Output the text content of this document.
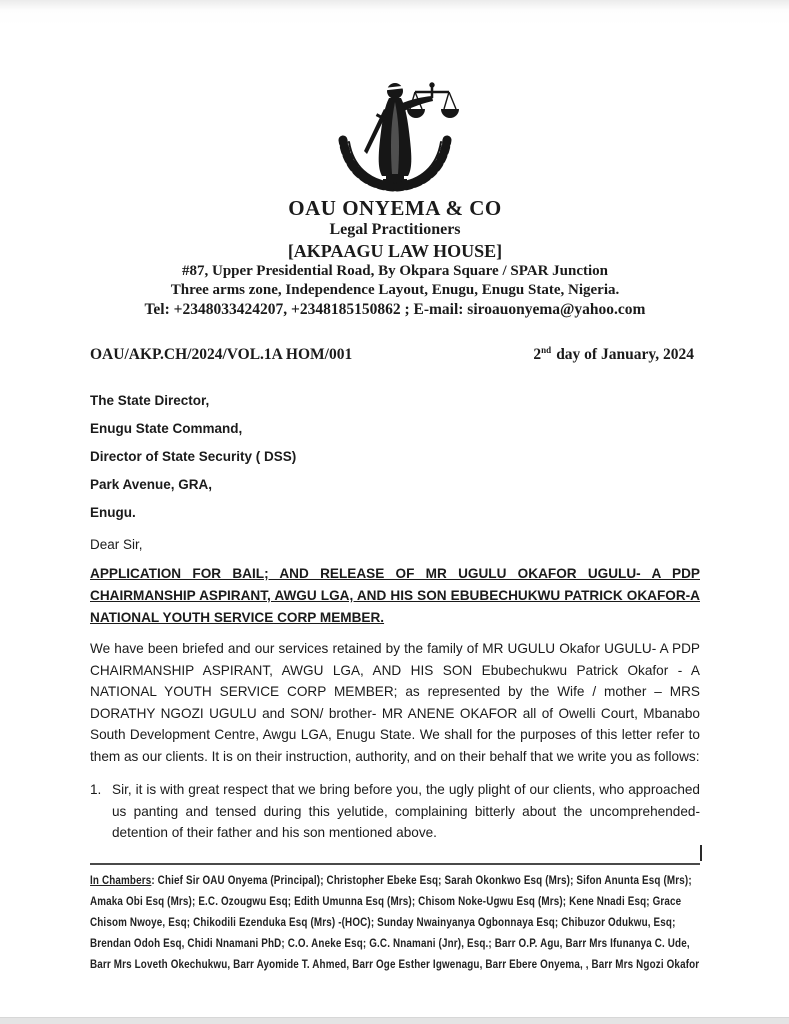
OAU ONYEMA & CO
Legal Practitioners
[AKPAAGU LAW HOUSE]
#87, Upper Presidential Road, By Okpara Square / SPAR Junction
Three arms zone, Independence Layout, Enugu, Enugu State, Nigeria.
Tel: +2348033424207, +2348185150862 ; E-mail: siroauonyema@yahoo.com
OAU/AKP.CH/2024/VOL.1A HOM/001	2nd day of January, 2024
The State Director,
Enugu State Command,
Director of State Security ( DSS)
Park Avenue, GRA,
Enugu.
Dear Sir,
APPLICATION FOR BAIL; AND RELEASE OF MR UGULU OKAFOR UGULU- A PDP CHAIRMANSHIP ASPIRANT, AWGU LGA, AND HIS SON EBUBECHUKWU PATRICK OKAFOR-A NATIONAL YOUTH SERVICE CORP MEMBER.
We have been briefed and our services retained by the family of MR UGULU Okafor UGULU- A PDP CHAIRMANSHIP ASPIRANT, AWGU LGA, AND HIS SON Ebubechukwu Patrick Okafor - A NATIONAL YOUTH SERVICE CORP MEMBER; as represented by the Wife / mother – MRS DORATHY NGOZI UGULU and SON/ brother- MR ANENE OKAFOR all of Owelli Court, Mbanabo South Development Centre, Awgu LGA, Enugu State. We shall for the purposes of this letter refer to them as our clients. It is on their instruction, authority, and on their behalf that we write you as follows:
1. Sir, it is with great respect that we bring before you, the ugly plight of our clients, who approached us panting and tensed during this yelutide, complaining bitterly about the uncomprehended-detention of their father and his son mentioned above.
In Chambers: Chief Sir OAU Onyema (Principal); Christopher Ebeke Esq; Sarah Okonkwo Esq (Mrs); Sifon Anunta Esq (Mrs); Amaka Obi Esq (Mrs); E.C. Ozougwu Esq; Edith Umunna Esq (Mrs); Chisom Noke-Ugwu Esq (Mrs); Kene Nnadi Esq; Grace Chisom Nwoye, Esq; Chikodili Ezenduka Esq (Mrs) -(HOC); Sunday Nwainyanya Ogbonnaya Esq; Chibuzor Odukwu, Esq; Brendan Odoh Esq, Chidi Nnamani PhD; C.O. Aneke Esq; G.C. Nnamani (Jnr), Esq.; Barr O.P. Agu, Barr Mrs Ifunanya C. Ude, Barr Mrs Loveth Okechukwu, Barr Ayomide T. Ahmed, Barr Oge Esther Igwenagu, Barr Ebere Onyema, , Barr Mrs Ngozi Okafor
